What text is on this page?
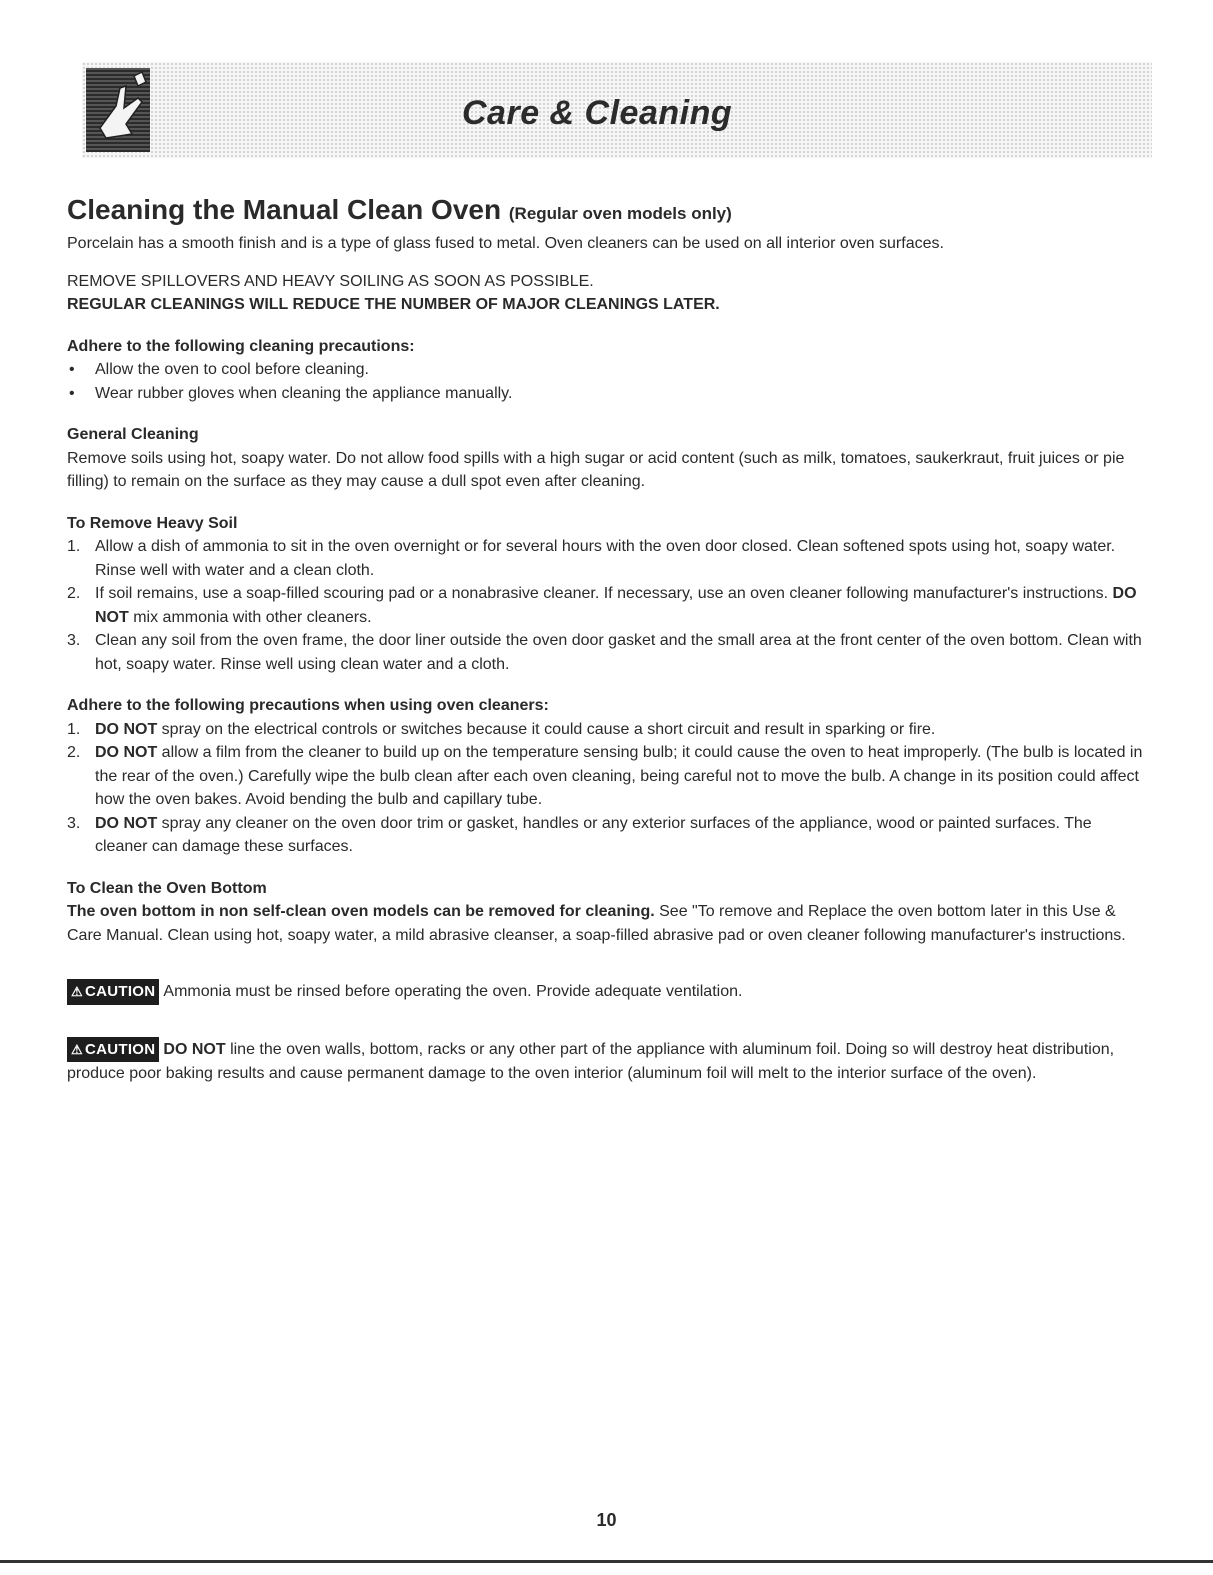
Care & Cleaning
Cleaning the Manual Clean Oven (Regular oven models only)

Porcelain has a smooth finish and is a type of glass fused to metal. Oven cleaners can be used on all interior oven surfaces.

REMOVE SPILLOVERS AND HEAVY SOILING AS SOON AS POSSIBLE.

REGULAR CLEANINGS WILL REDUCE THE NUMBER OF MAJOR CLEANINGS LATER.

Adhere to the following cleaning precautions:

• Allow the oven to cool before cleaning.
• Wear rubber gloves when cleaning the appliance manually.

General Cleaning

Remove soils using hot, soapy water. Do not allow food spills with a high sugar or acid content (such as milk, tomatoes, saukerkraut, fruit juices or pie filling) to remain on the surface as they may cause a dull spot even after cleaning.

To Remove Heavy Soil

1. Allow a dish of ammonia to sit in the oven overnight or for several hours with the oven door closed. Clean softened spots using hot, soapy water. Rinse well with water and a clean cloth.
2. If soil remains, use a soap-filled scouring pad or a nonabrasive cleaner. If necessary, use an oven cleaner following manufacturer's instructions. DO NOT mix ammonia with other cleaners.
3. Clean any soil from the oven frame, the door liner outside the oven door gasket and the small area at the front center of the oven bottom. Clean with hot, soapy water. Rinse well using clean water and a cloth.

Adhere to the following precautions when using oven cleaners:

1. DO NOT spray on the electrical controls or switches because it could cause a short circuit and result in sparking or fire.
2. DO NOT allow a film from the cleaner to build up on the temperature sensing bulb; it could cause the oven to heat improperly. (The bulb is located in the rear of the oven.) Carefully wipe the bulb clean after each oven cleaning, being careful not to move the bulb. A change in its position could affect how the oven bakes. Avoid bending the bulb and capillary tube.
3. DO NOT spray any cleaner on the oven door trim or gasket, handles or any exterior surfaces of the appliance, wood or painted surfaces. The cleaner can damage these surfaces.

To Clean the Oven Bottom

The oven bottom in non self-clean oven models can be removed for cleaning. See "To remove and Replace the oven bottom later in this Use & Care Manual. Clean using hot, soapy water, a mild abrasive cleanser, a soap-filled abrasive pad or oven cleaner following manufacturer's instructions.

⚠ CAUTION Ammonia must be rinsed before operating the oven. Provide adequate ventilation.

⚠ CAUTION DO NOT line the oven walls, bottom, racks or any other part of the appliance with aluminum foil. Doing so will destroy heat distribution, produce poor baking results and cause permanent damage to the oven interior (aluminum foil will melt to the interior surface of the oven).

10
